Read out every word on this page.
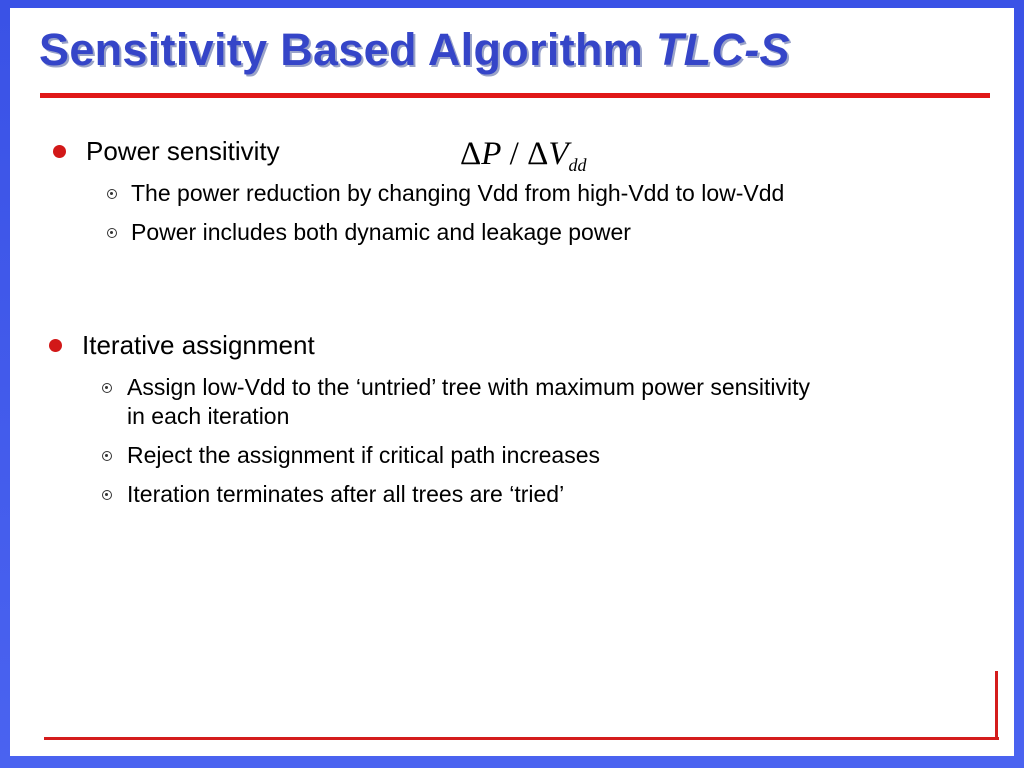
Sensitivity Based Algorithm TLC-S
Power sensitivity	ΔP / $\Delta V_{dd}$
The power reduction by changing Vdd from high-Vdd to low-Vdd
Power includes both dynamic and leakage power
Iterative assignment
Assign low-Vdd to the ‘untried’ tree with maximum power sensitivity
in each iteration
Reject the assignment if critical path increases
Iteration terminates after all trees are ‘tried’
